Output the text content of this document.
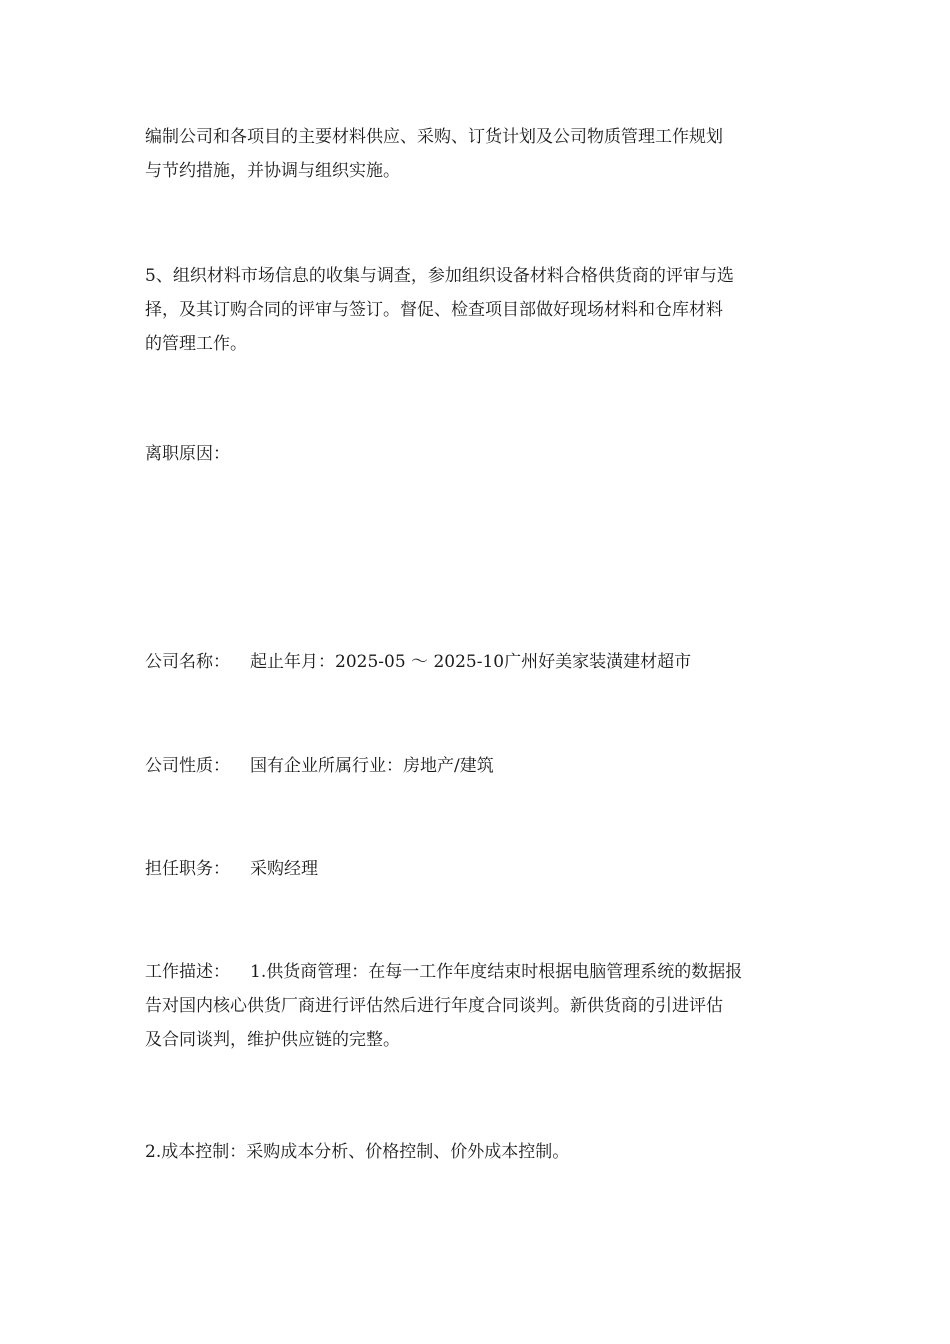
编制公司和各项目的主要材料供应、采购、订货计划及公司物质管理工作规划
与节约措施，并协调与组织实施。
5、组织材料市场信息的收集与调查，参加组织设备材料合格供货商的评审与选
择，及其订购合同的评审与签订。督促、检查项目部做好现场材料和仓库材料
的管理工作。
离职原因：
公司名称： 起止年月：2025-05 ～ 2025-10广州好美家装潢建材超市
公司性质： 国有企业所属行业：房地产/建筑
担任职务： 采购经理
工作描述： 1.供货商管理：在每一工作年度结束时根据电脑管理系统的数据报
告对国内核心供货厂商进行评估然后进行年度合同谈判。新供货商的引进评估
及合同谈判，维护供应链的完整。
2.成本控制：采购成本分析、价格控制、价外成本控制。
